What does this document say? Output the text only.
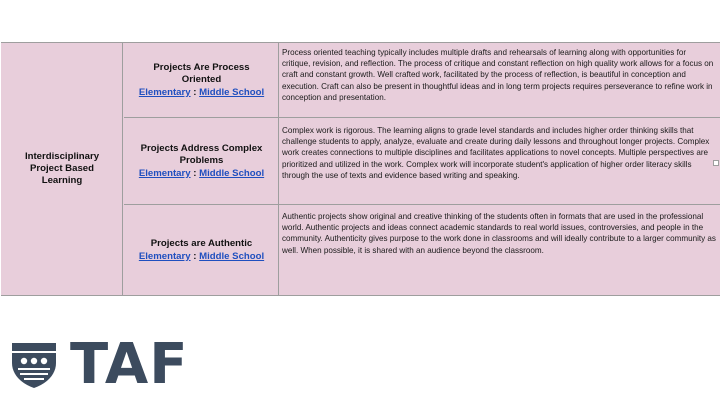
Interdisciplinary
Project Based
Learning
Projects Are Process
Oriented
Elementary : Middle School
Process oriented teaching typically includes multiple drafts and rehearsals of learning along with opportunities for critique, revision, and reflection. The process of critique and constant reflection on high quality work allows for a focus on craft and constant growth. Well crafted work, facilitated by the process of reflection, is beautiful in conception and execution. Craft can also be present in thoughtful ideas and in long term projects requires perseverance to refine work in conception and presentation.
Projects Address Complex
Problems
Elementary : Middle School
Complex work is rigorous. The learning aligns to grade level standards and includes higher order thinking skills that challenge students to apply, analyze, evaluate and create during daily lessons and throughout longer projects. Complex work creates connections to multiple disciplines and facilitates applications to novel concepts. Multiple perspectives are prioritized and utilized in the work. Complex work will incorporate student's application of higher order literacy skills through the use of texts and evidence based writing and speaking.
Projects are Authentic
Elementary : Middle School
Authentic projects show original and creative thinking of the students often in formats that are used in the professional world. Authentic projects and ideas connect academic standards to real world issues, controversies, and people in the community. Authenticity gives purpose to the work done in classrooms and will ideally contribute to a larger community as well. When possible, it is shared with an audience beyond the classroom.
TAF
